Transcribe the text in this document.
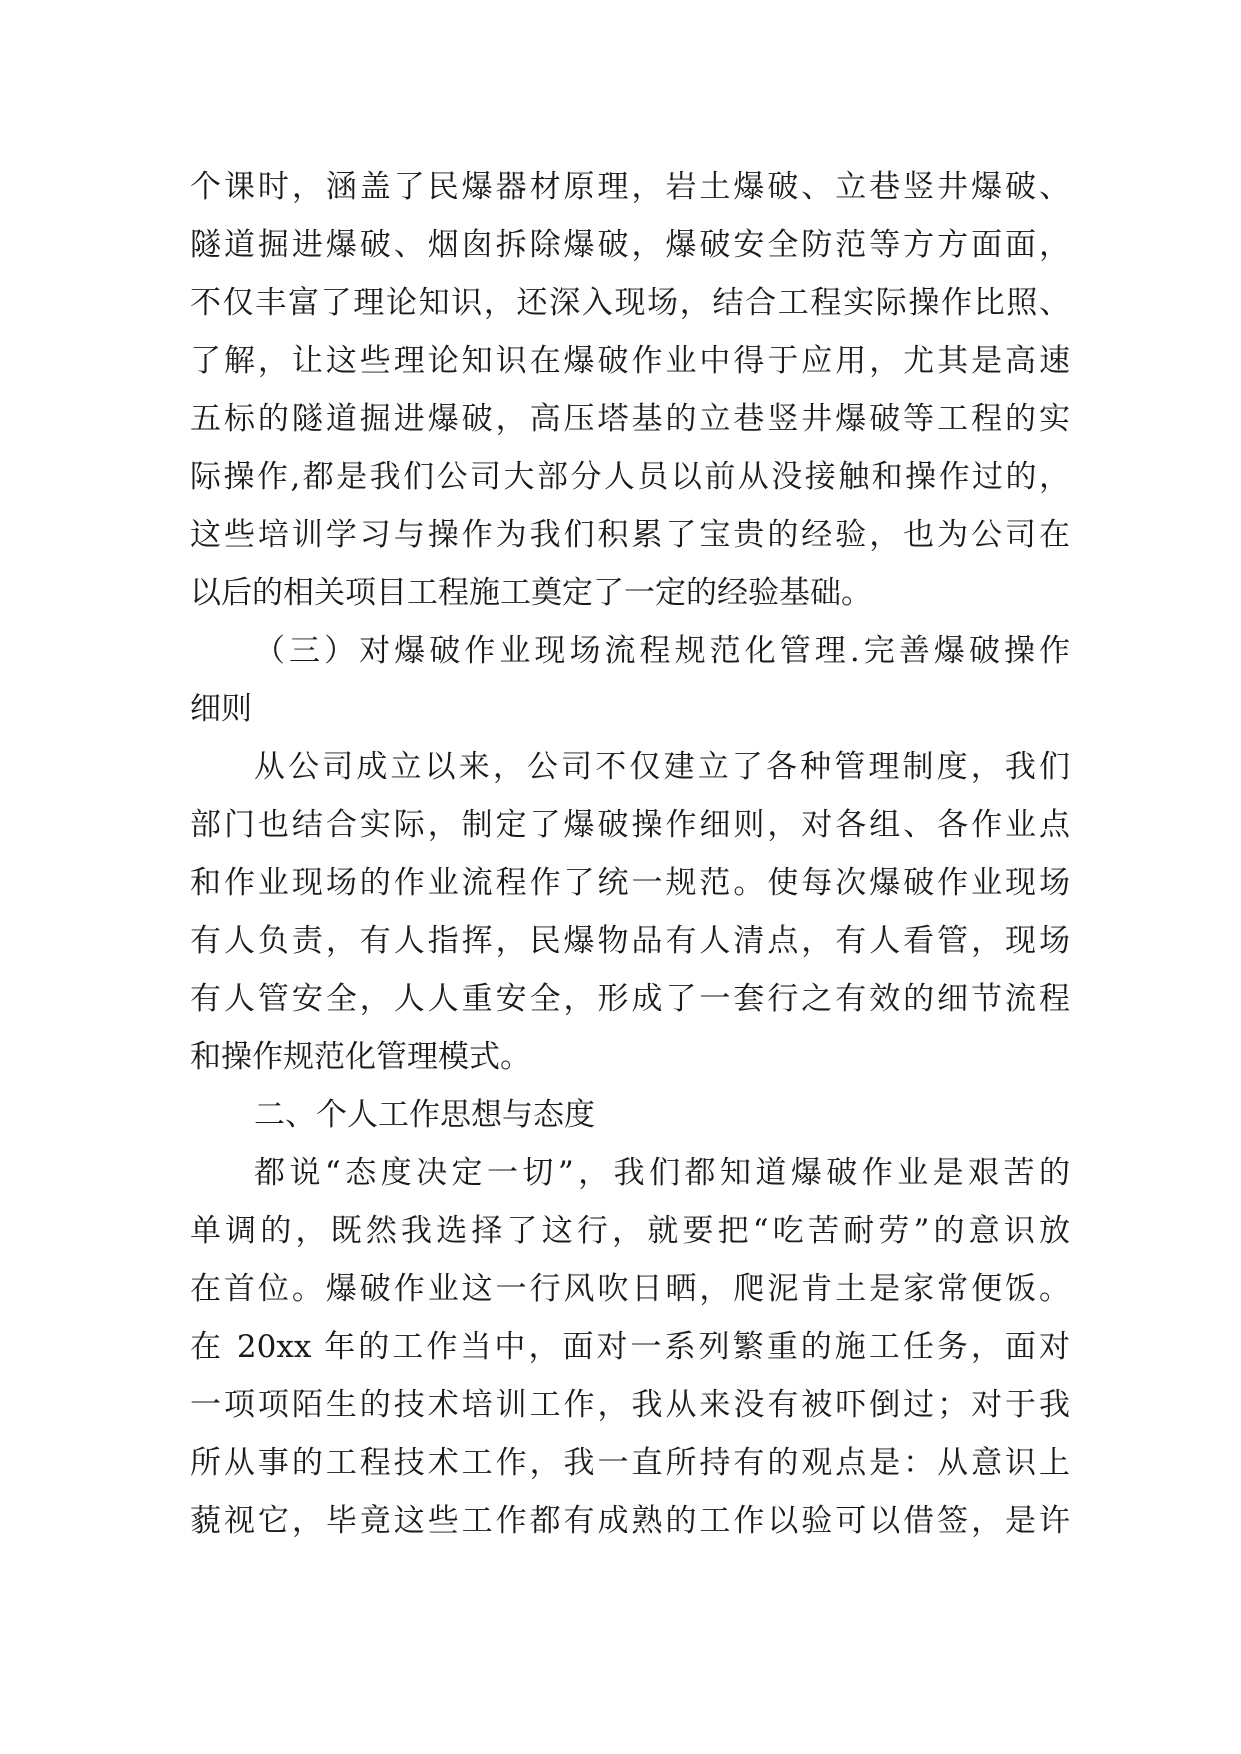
个课时，涵盖了民爆器材原理，岩土爆破、立巷竖井爆破、
隧道掘进爆破、烟囱拆除爆破，爆破安全防范等方方面面，
不仅丰富了理论知识，还深入现场，结合工程实际操作比照、
了解，让这些理论知识在爆破作业中得于应用，尤其是高速
五标的隧道掘进爆破，高压塔基的立巷竖井爆破等工程的实
际操作,都是我们公司大部分人员以前从没接触和操作过的，
这些培训学习与操作为我们积累了宝贵的经验，也为公司在
以后的相关项目工程施工奠定了一定的经验基础。
（三）对爆破作业现场流程规范化管理.完善爆破操作
细则
从公司成立以来，公司不仅建立了各种管理制度，我们
部门也结合实际，制定了爆破操作细则，对各组、各作业点
和作业现场的作业流程作了统一规范。使每次爆破作业现场
有人负责，有人指挥，民爆物品有人清点，有人看管，现场
有人管安全，人人重安全，形成了一套行之有效的细节流程
和操作规范化管理模式。
二、个人工作思想与态度
都说“态度决定一切”，我们都知道爆破作业是艰苦的
单调的，既然我选择了这行，就要把“吃苦耐劳”的意识放
在首位。爆破作业这一行风吹日晒，爬泥肯土是家常便饭。
在 20xx 年的工作当中，面对一系列繁重的施工任务，面对
一项项陌生的技术培训工作，我从来没有被吓倒过；对于我
所从事的工程技术工作，我一直所持有的观点是：从意识上
藐视它，毕竟这些工作都有成熟的工作以验可以借签，是许
